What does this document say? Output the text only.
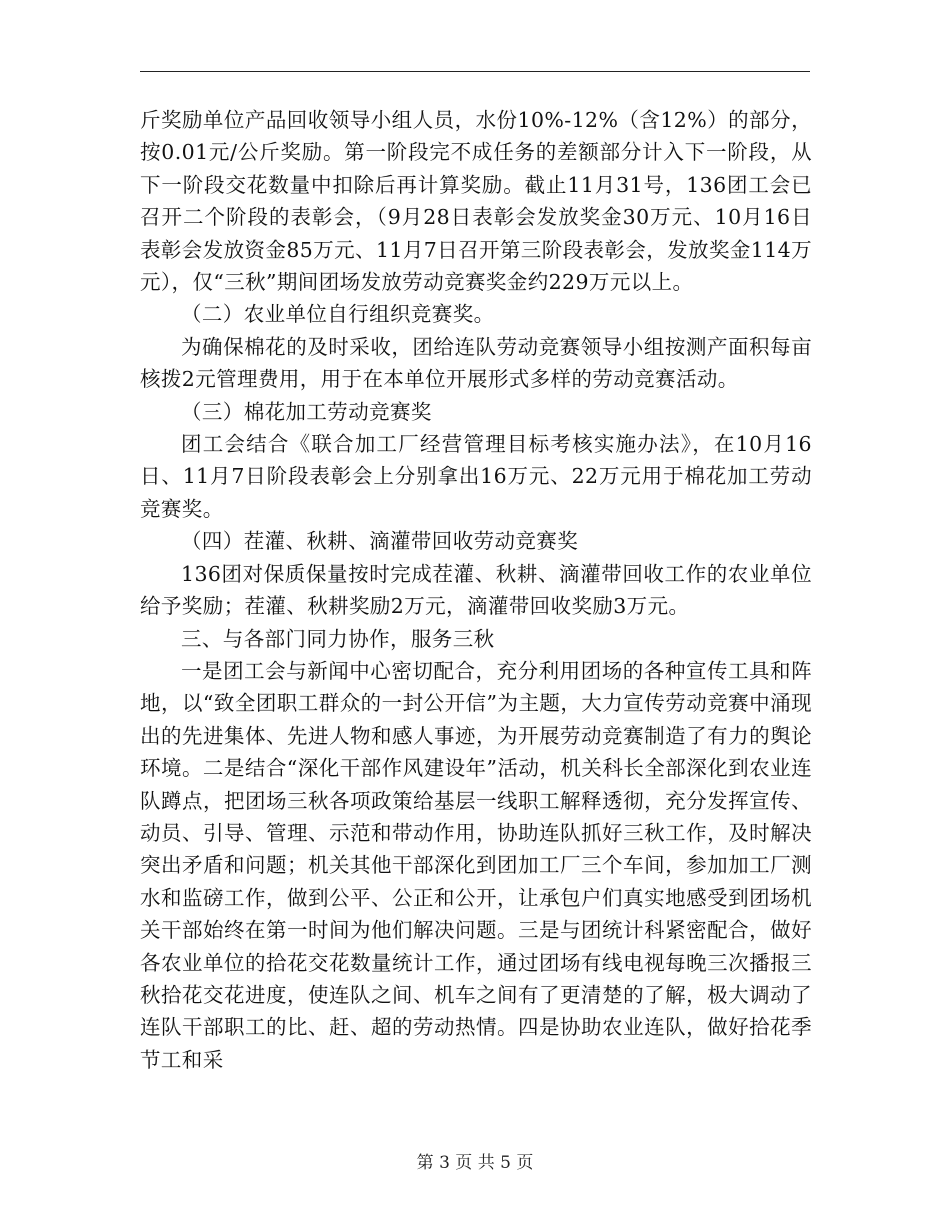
斤奖励单位产品回收领导小组人员，水份10%-12%（含12%）的部分，按0.01元/公斤奖励。第一阶段完不成任务的差额部分计入下一阶段，从下一阶段交花数量中扣除后再计算奖励。截止11月31号，136团工会已召开二个阶段的表彰会，（9月28日表彰会发放奖金30万元、10月16日表彰会发放资金85万元、11月7日召开第三阶段表彰会，发放奖金114万元），仅“三秋”期间团场发放劳动竞赛奖金约229万元以上。

（二）农业单位自行组织竞赛奖。

为确保棉花的及时采收，团给连队劳动竞赛领导小组按测产面积每亩核拨2元管理费用，用于在本单位开展形式多样的劳动竞赛活动。

（三）棉花加工劳动竞赛奖

团工会结合《联合加工厂经营管理目标考核实施办法》，在10月16日、11月7日阶段表彰会上分别拿出16万元、22万元用于棉花加工劳动竞赛奖。

（四）茬灌、秋耕、滴灌带回收劳动竞赛奖

136团对保质保量按时完成茬灌、秋耕、滴灌带回收工作的农业单位给予奖励；茬灌、秋耕奖励2万元，滴灌带回收奖励3万元。

三、与各部门同力协作，服务三秋

一是团工会与新闻中心密切配合，充分利用团场的各种宣传工具和阵地，以“致全团职工群众的一封公开信”为主题，大力宣传劳动竞赛中涌现出的先进集体、先进人物和感人事迹，为开展劳动竞赛制造了有力的舆论环境。二是结合“深化干部作风建设年”活动，机关科长全部深化到农业连队蹲点，把团场三秋各项政策给基层一线职工解释透彻，充分发挥宣传、动员、引导、管理、示范和带动作用，协助连队抓好三秋工作，及时解决突出矛盾和问题；机关其他干部深化到团加工厂三个车间，参加加工厂测水和监磅工作，做到公平、公正和公开，让承包户们真实地感受到团场机关干部始终在第一时间为他们解决问题。三是与团统计科紧密配合，做好各农业单位的拾花交花数量统计工作，通过团场有线电视每晚三次播报三秋拾花交花进度，使连队之间、机车之间有了更清楚的了解，极大调动了连队干部职工的比、赶、超的劳动热情。四是协助农业连队，做好拾花季节工和采

第 3 页 共 5 页
